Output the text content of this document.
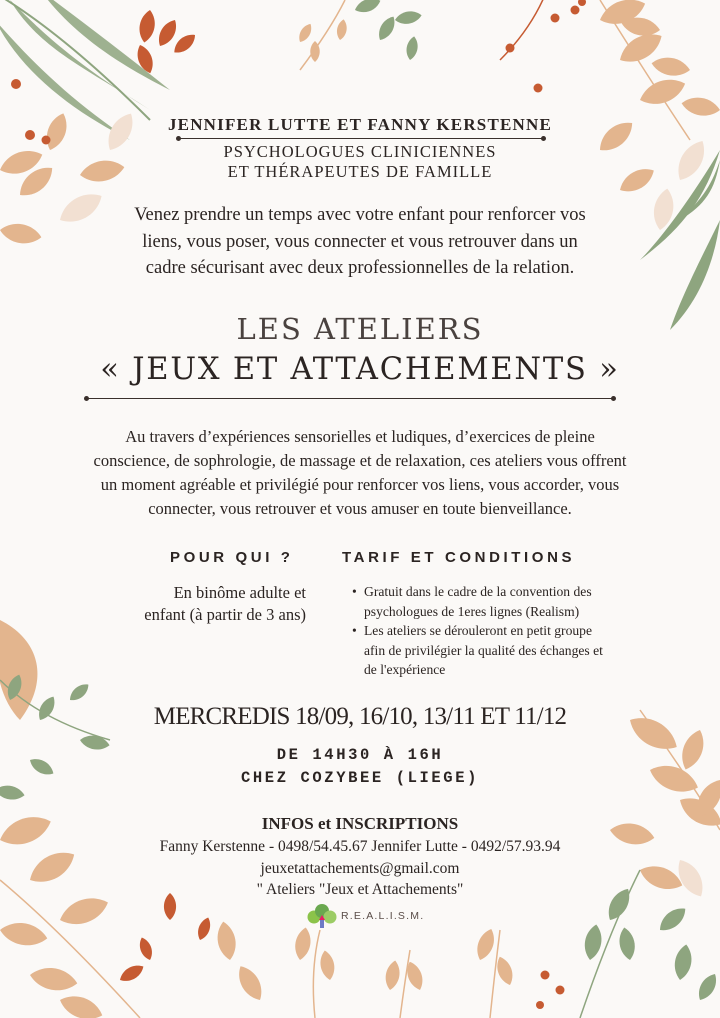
JENNIFER LUTTE ET FANNY KERSTENNE
PSYCHOLOGUES CLINICIENNES
ET THÉRAPEUTES DE FAMILLE
Venez prendre un temps avec votre enfant pour renforcer vos
liens, vous poser, vous connecter et vous retrouver dans un
cadre sécurisant avec deux professionnelles de la relation.
LES ATELIERS
« JEUX ET ATTACHEMENTS »
Au travers d’expériences sensorielles et ludiques, d’exercices de pleine
conscience, de sophrologie, de massage et de relaxation, ces ateliers vous offrent
un moment agréable et privilégié pour renforcer vos liens, vous accorder, vous
connecter, vous retrouver et vous amuser en toute bienveillance.
POUR QUI ?	TARIF ET CONDITIONS
En binôme adulte et
enfant (à partir de 3 ans)
• Gratuit dans le cadre de la convention des
psychologues de 1eres lignes (Realism)
• Les ateliers se dérouleront en petit groupe
afin de privilégier la qualité des échanges et
de l'expérience
MERCREDIS 18/09, 16/10, 13/11 ET 11/12
DE 14H30 À 16H
CHEZ COZYBEE (LIEGE)
INFOS et INSCRIPTIONS
Fanny Kerstenne - 0498/54.45.67 Jennifer Lutte - 0492/57.93.94
jeuxetattachements@gmail.com
" Ateliers "Jeux et Attachements"
R.E.A.L.I.S.M.
